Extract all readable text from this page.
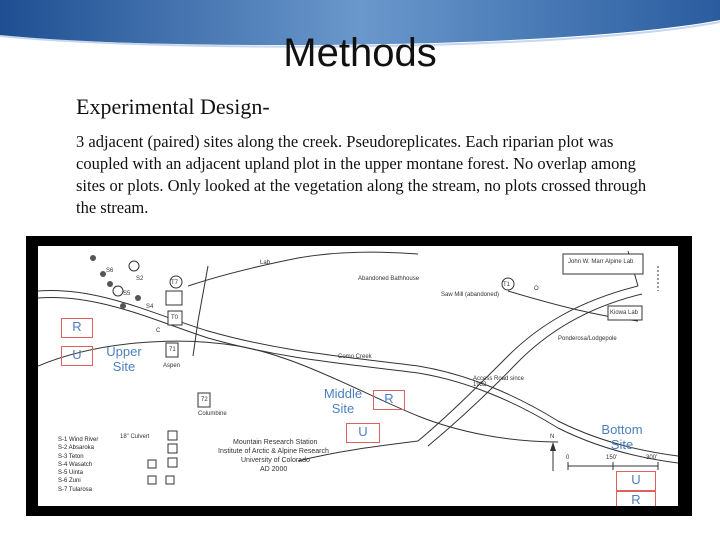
Methods
Experimental Design-
3 adjacent (paired) sites along the creek. Pseudoreplicates. Each riparian plot was coupled with an adjacent upland plot in the upper montane forest. No overlap among sites or plots. Only looked at the vegetation along the stream, no plots crossed through the stream.
Lab	John W. Marr Alpine Lab
Abandoned Bathhouse
Saw Mill (abandoned)
Kiowa Lab
Ponderosa/Lodgepole
Como Creek
Aspen
Columbine
Access Road since 1932
18" Culvert
Mountain Research Station
Institute of Arctic & Alpine Research
University of Colorado
AD 2000
0	150'	300'
N
S6
S2
S5
S4
T7	T1
71
72
T0
C
O
S-1 Wind River
S-2 Absaroka
S-3 Teton
S-4 Wasatch
S-5 Uinta
S-6 Zuni
S-7 Tularosa
R
U	Upper Site
Middle Site
R
U	Bottom Site
U
R
